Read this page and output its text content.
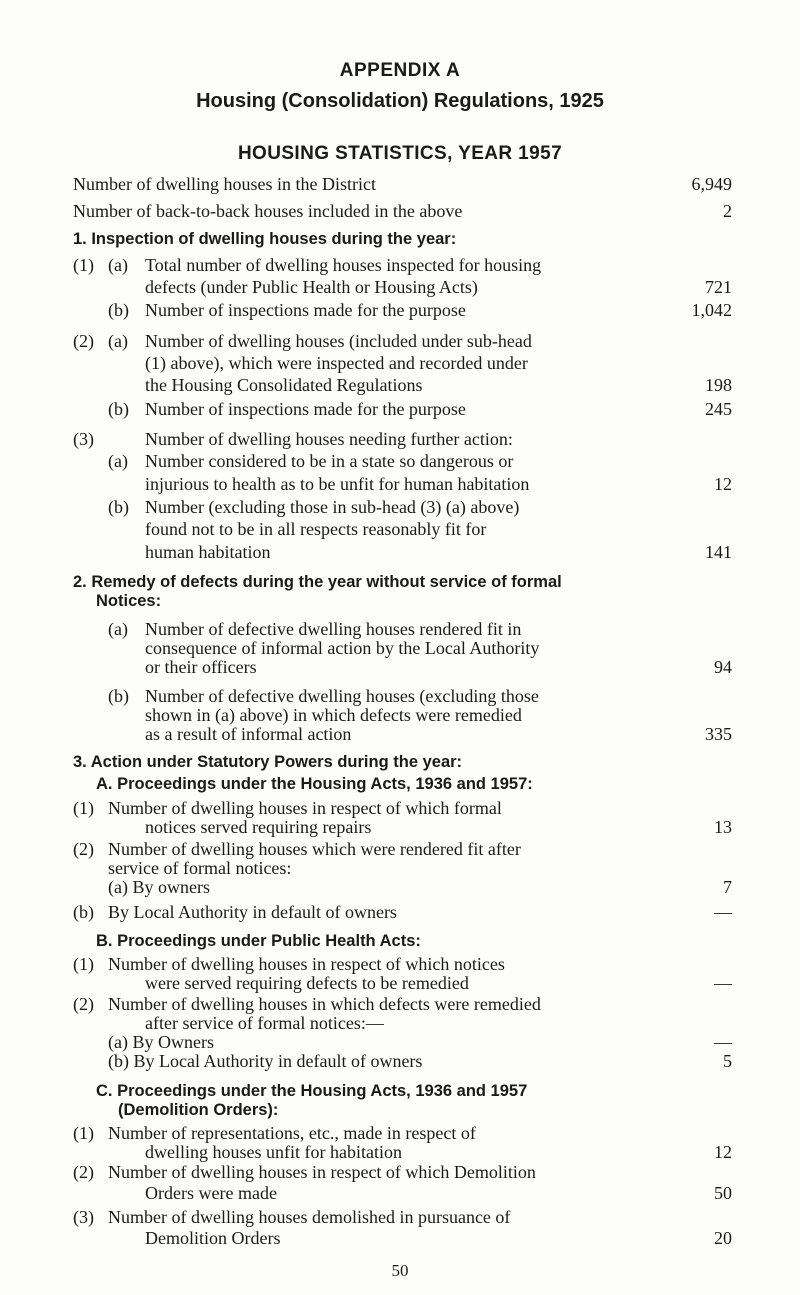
APPENDIX A
Housing (Consolidation) Regulations, 1925
HOUSING STATISTICS, YEAR 1957
Number of dwelling houses in the District	6,949
Number of back-to-back houses included in the above	2
1. Inspection of dwelling houses during the year:
(1) (a) Total number of dwelling houses inspected for housing
defects (under Public Health or Housing Acts)	721
(b) Number of inspections made for the purpose	1,042
(2) (a) Number of dwelling houses (included under sub-head
(1) above), which were inspected and recorded under
the Housing Consolidated Regulations	198
(b) Number of inspections made for the purpose	245
(3)	Number of dwelling houses needing further action:
(a) Number considered to be in a state so dangerous or
injurious to health as to be unfit for human habitation	12
(b) Number (excluding those in sub-head (3) (a) above)
found not to be in all respects reasonably fit for
human habitation	141
2. Remedy of defects during the year without service of formal
Notices:
(a) Number of defective dwelling houses rendered fit in
consequence of informal action by the Local Authority
or their officers	94
(b) Number of defective dwelling houses (excluding those
shown in (a) above) in which defects were remedied
as a result of informal action	335
3. Action under Statutory Powers during the year:
A. Proceedings under the Housing Acts, 1936 and 1957:
(1) Number of dwelling houses in respect of which formal
notices served requiring repairs	13
(2) Number of dwelling houses which were rendered fit after
service of formal notices:
(a) By owners	7
(b) By Local Authority in default of owners	—
B. Proceedings under Public Health Acts:
(1) Number of dwelling houses in respect of which notices
were served requiring defects to be remedied	—
(2) Number of dwelling houses in which defects were remedied
after service of formal notices:—
(a) By Owners	—
(b) By Local Authority in default of owners	5
C. Proceedings under the Housing Acts, 1936 and 1957
(Demolition Orders):
(1) Number of representations, etc., made in respect of
dwelling houses unfit for habitation	12
50
(2) Number of dwelling houses in respect of which Demolition
Orders were made	50
(3) Number of dwelling houses demolished in pursuance of
Demolition Orders	20
